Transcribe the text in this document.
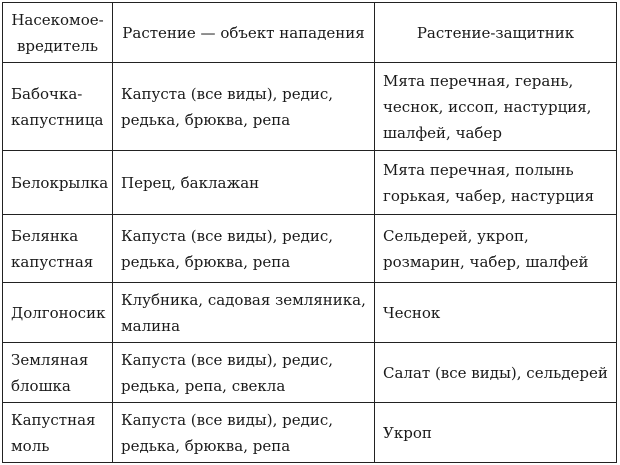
Насекомое-вредитель	Растение — объект нападения	Растение-защитник
Бабочка-капустница	Капуста (все виды), редис, редька, брюква, репа	Мята перечная, герань, чеснок, иссоп, настурция, шалфей, чабер
Белокрылка	Перец, баклажан	Мята перечная, полынь горькая, чабер, настурция
Белянка капустная	Капуста (все виды), редис, редька, брюква, репа	Сельдерей, укроп, розмарин, чабер, шалфей
Долгоносик	Клубника, садовая земляника, малина	Чеснок
Земляная блошка	Капуста (все виды), редис, редька, репа, свекла	Салат (все виды), сельдерей
Капустная моль	Капуста (все виды), редис, редька, брюква, репа	Укроп
